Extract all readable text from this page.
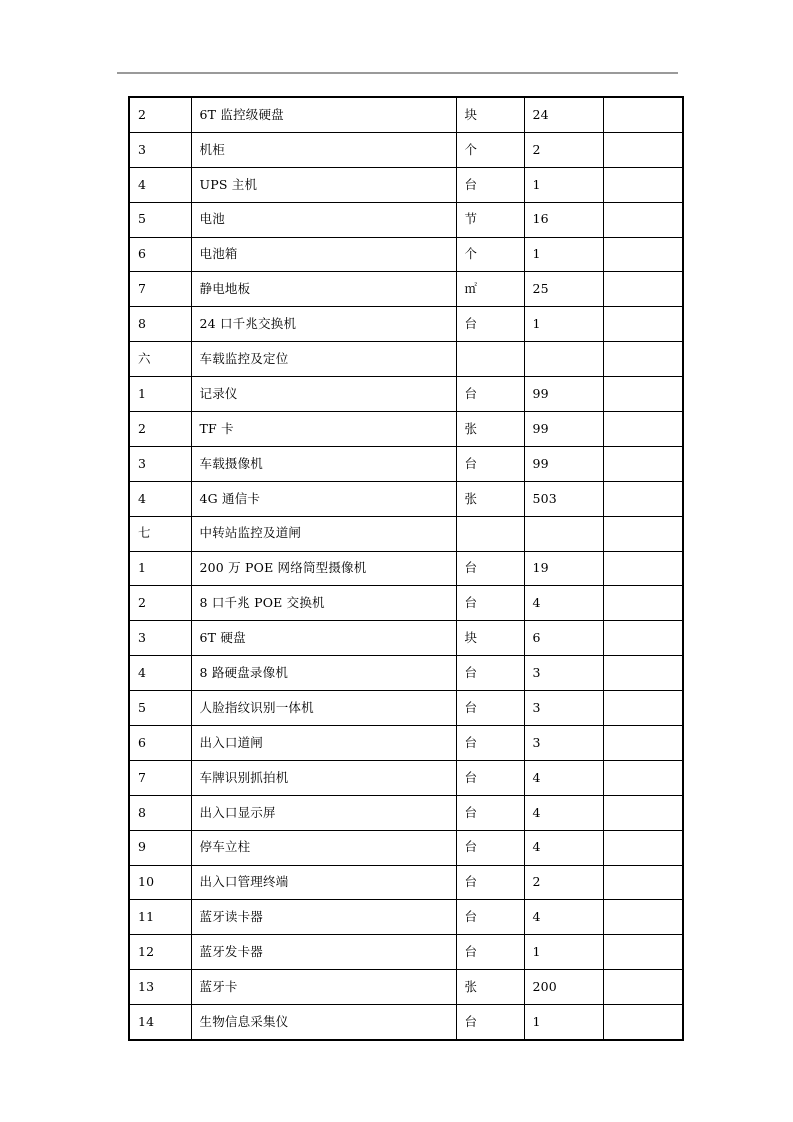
2	6T 监控级硬盘	块	24	
3	机柜	个	2	
4	UPS 主机	台	1	
5	电池	节	16	
6	电池箱	个	1	
7	静电地板	㎡	25	
8	24 口千兆交换机	台	1	
六	车载监控及定位			
1	记录仪	台	99	
2	TF 卡	张	99	
3	车载摄像机	台	99	
4	4G 通信卡	张	503	
七	中转站监控及道闸			
1	200 万 POE 网络筒型摄像机	台	19	
2	8 口千兆 POE 交换机	台	4	
3	6T 硬盘	块	6	
4	8 路硬盘录像机	台	3	
5	人脸指纹识别一体机	台	3	
6	出入口道闸	台	3	
7	车牌识别抓拍机	台	4	
8	出入口显示屏	台	4	
9	停车立柱	台	4	
10	出入口管理终端	台	2	
11	蓝牙读卡器	台	4	
12	蓝牙发卡器	台	1	
13	蓝牙卡	张	200	
14	生物信息采集仪	台	1	
